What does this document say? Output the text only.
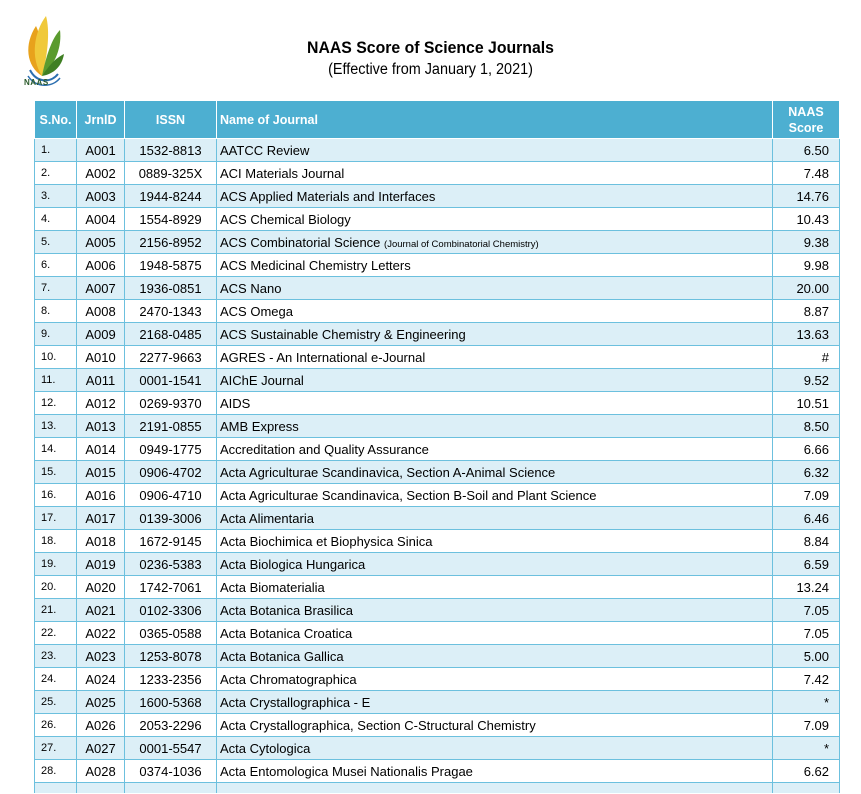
NAAS
NAAS Score of Science Journals
(Effective from January 1, 2021)
S.No.	JrnlD	ISSN	Name of Journal	NAAS Score
1.	A001	1532-8813	AATCC Review	6.50
2.	A002	0889-325X	ACI Materials Journal	7.48
3.	A003	1944-8244	ACS Applied Materials and Interfaces	14.76
4.	A004	1554-8929	ACS Chemical Biology	10.43
5.	A005	2156-8952	ACS Combinatorial Science (Journal of Combinatorial Chemistry)	9.38
6.	A006	1948-5875	ACS Medicinal Chemistry Letters	9.98
7.	A007	1936-0851	ACS Nano	20.00
8.	A008	2470-1343	ACS Omega	8.87
9.	A009	2168-0485	ACS Sustainable Chemistry & Engineering	13.63
10.	A010	2277-9663	AGRES - An International e-Journal	#
11.	A011	0001-1541	AIChE Journal	9.52
12.	A012	0269-9370	AIDS	10.51
13.	A013	2191-0855	AMB Express	8.50
14.	A014	0949-1775	Accreditation and Quality Assurance	6.66
15.	A015	0906-4702	Acta Agriculturae Scandinavica, Section A-Animal Science	6.32
16.	A016	0906-4710	Acta Agriculturae Scandinavica, Section B-Soil and Plant Science	7.09
17.	A017	0139-3006	Acta Alimentaria	6.46
18.	A018	1672-9145	Acta Biochimica et Biophysica Sinica	8.84
19.	A019	0236-5383	Acta Biologica Hungarica	6.59
20.	A020	1742-7061	Acta Biomaterialia	13.24
21.	A021	0102-3306	Acta Botanica Brasilica	7.05
22.	A022	0365-0588	Acta Botanica Croatica	7.05
23.	A023	1253-8078	Acta Botanica Gallica	5.00
24.	A024	1233-2356	Acta Chromatographica	7.42
25.	A025	1600-5368	Acta Crystallographica - E	*
26.	A026	2053-2296	Acta Crystallographica, Section C-Structural Chemistry	7.09
27.	A027	0001-5547	Acta Cytologica	*
28.	A028	0374-1036	Acta Entomologica Musei Nationalis Pragae	6.62
